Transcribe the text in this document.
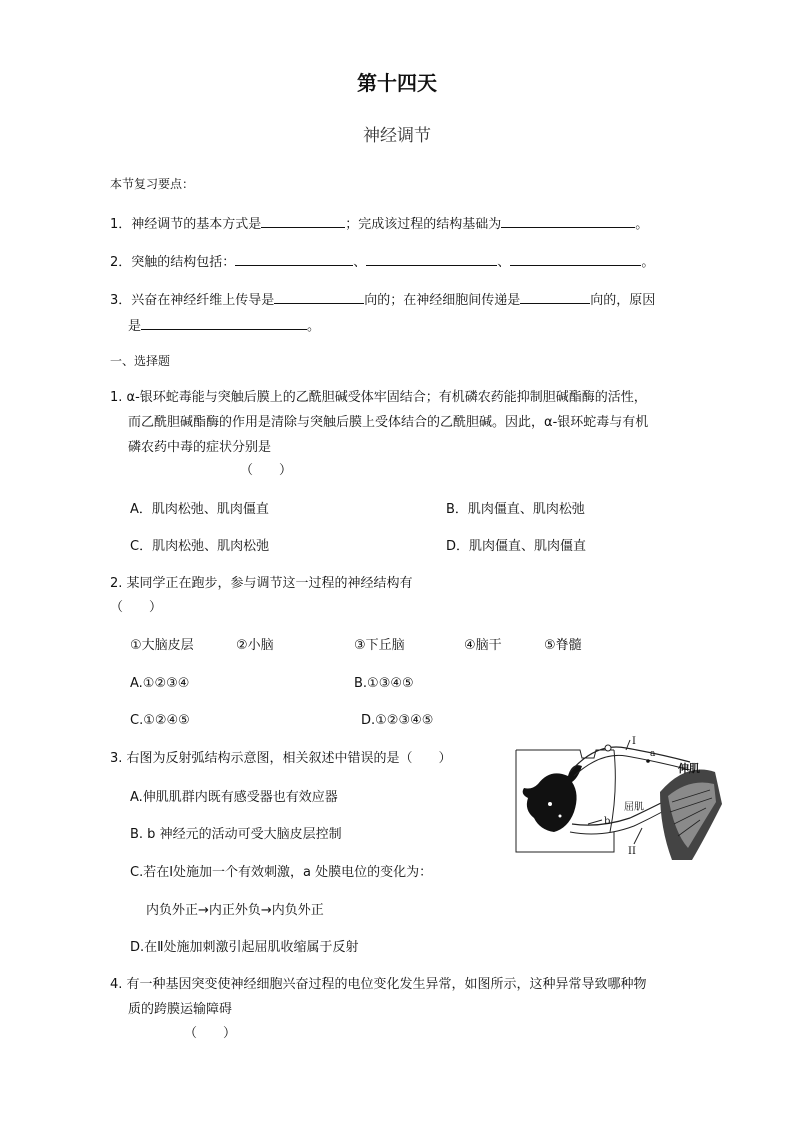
第十四天
神经调节
本节复习要点：
1．神经调节的基本方式是	；完成该过程的结构基础为	。
2．突触的结构包括：	、	、	。
3．兴奋在神经纤维上传导是	向的；在神经细胞间传递是	向的，原因
是	。
一、选择题
1. α-银环蛇毒能与突触后膜上的乙酰胆碱受体牢固结合；有机磷农药能抑制胆碱酯酶的活性，
而乙酰胆碱酯酶的作用是清除与突触后膜上受体结合的乙酰胆碱。因此，α-银环蛇毒与有机
磷农药中毒的症状分别是
（　　）
A．肌肉松弛、肌肉僵直	B．肌肉僵直、肌肉松弛
C．肌肉松弛、肌肉松弛	D．肌肉僵直、肌肉僵直
2. 某同学正在跑步，参与调节这一过程的神经结构有
（　　）
①大脑皮层	②小脑	③下丘脑	④脑干	⑤脊髓
A.①②③④	B.①③④⑤
C.①②④⑤	D.①②③④⑤
3. 右图为反射弧结构示意图，相关叙述中错误的是（　　）
A.伸肌肌群内既有感受器也有效应器
B. b 神经元的活动可受大脑皮层控制
C.若在Ⅰ处施加一个有效刺激，a 处膜电位的变化为：
内负外正→内正外负→内负外正
D.在Ⅱ处施加刺激引起屈肌收缩属于反射
I
a
b
II
伸肌
屈肌
4. 有一种基因突变使神经细胞兴奋过程的电位变化发生异常，如图所示，这种异常导致哪种物
质的跨膜运输障碍
（　　）
